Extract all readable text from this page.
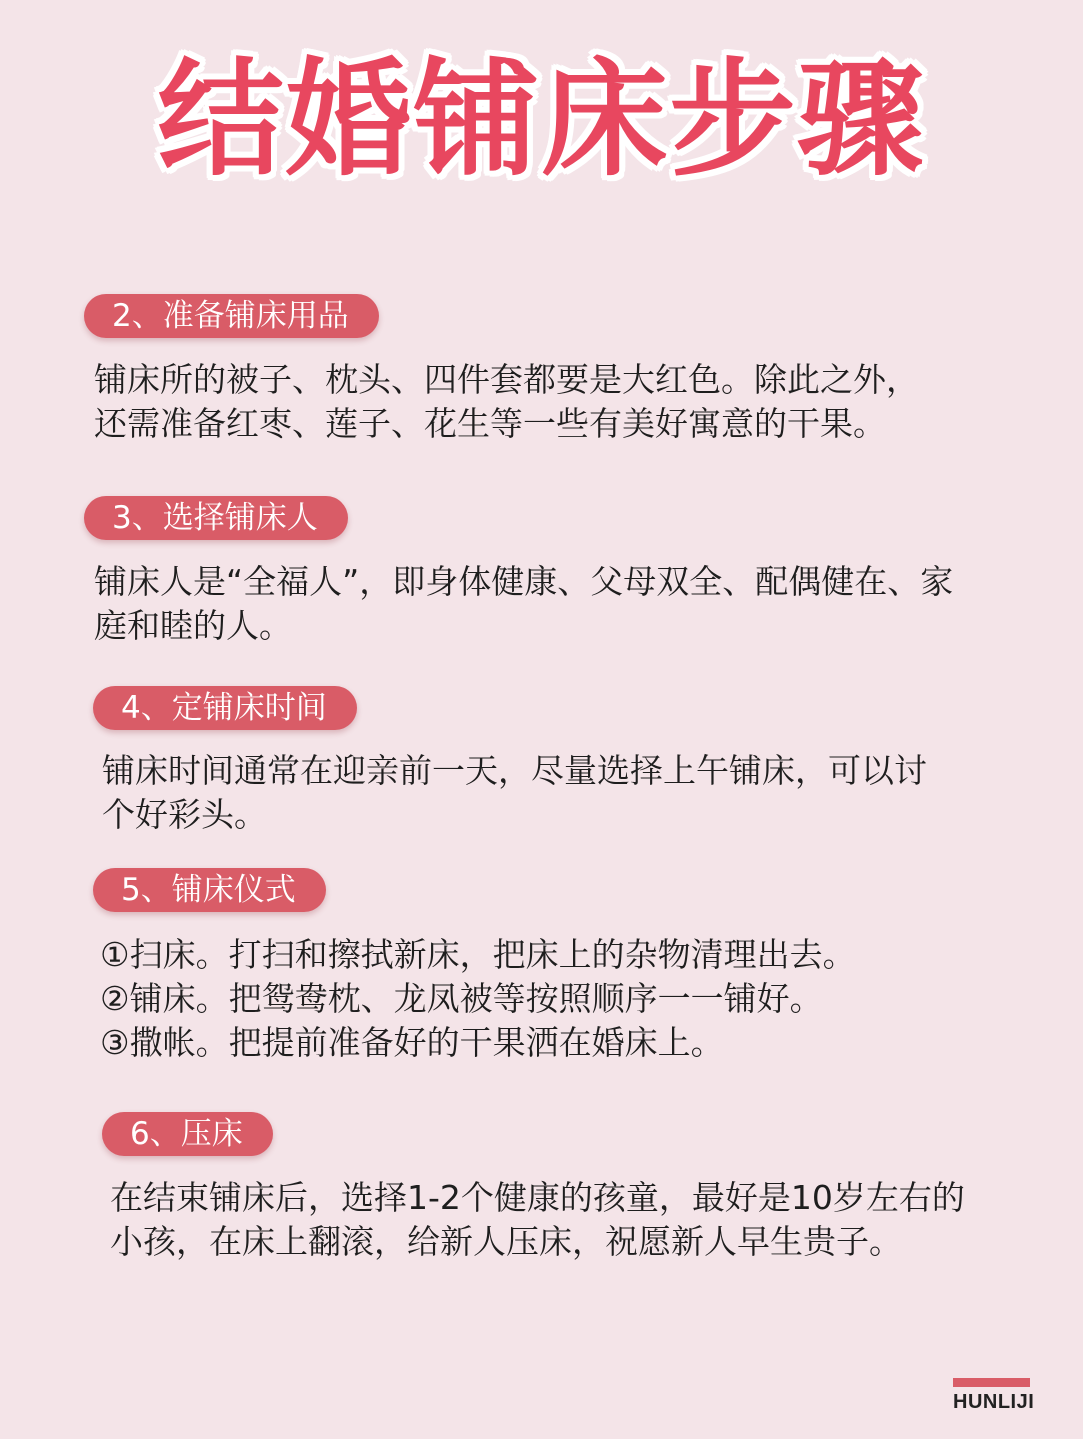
结婚铺床步骤
2、准备铺床用品

铺床所的被子、枕头、四件套都要是大红色。除此之外，

还需准备红枣、莲子、花生等一些有美好寓意的干果。

3、选择铺床人

铺床人是“全福人”，即身体健康、父母双全、配偶健在、家

庭和睦的人。

4、定铺床时间

铺床时间通常在迎亲前一天，尽量选择上午铺床，可以讨

个好彩头。

5、铺床仪式

①扫床。打扫和擦拭新床，把床上的杂物清理出去。

②铺床。把鸳鸯枕、龙凤被等按照顺序一一铺好。

③撒帐。把提前准备好的干果洒在婚床上。

6、压床

在结束铺床后，选择1-2个健康的孩童，最好是10岁左右的

小孩，在床上翻滚，给新人压床，祝愿新人早生贵子。

HUNLIJI
